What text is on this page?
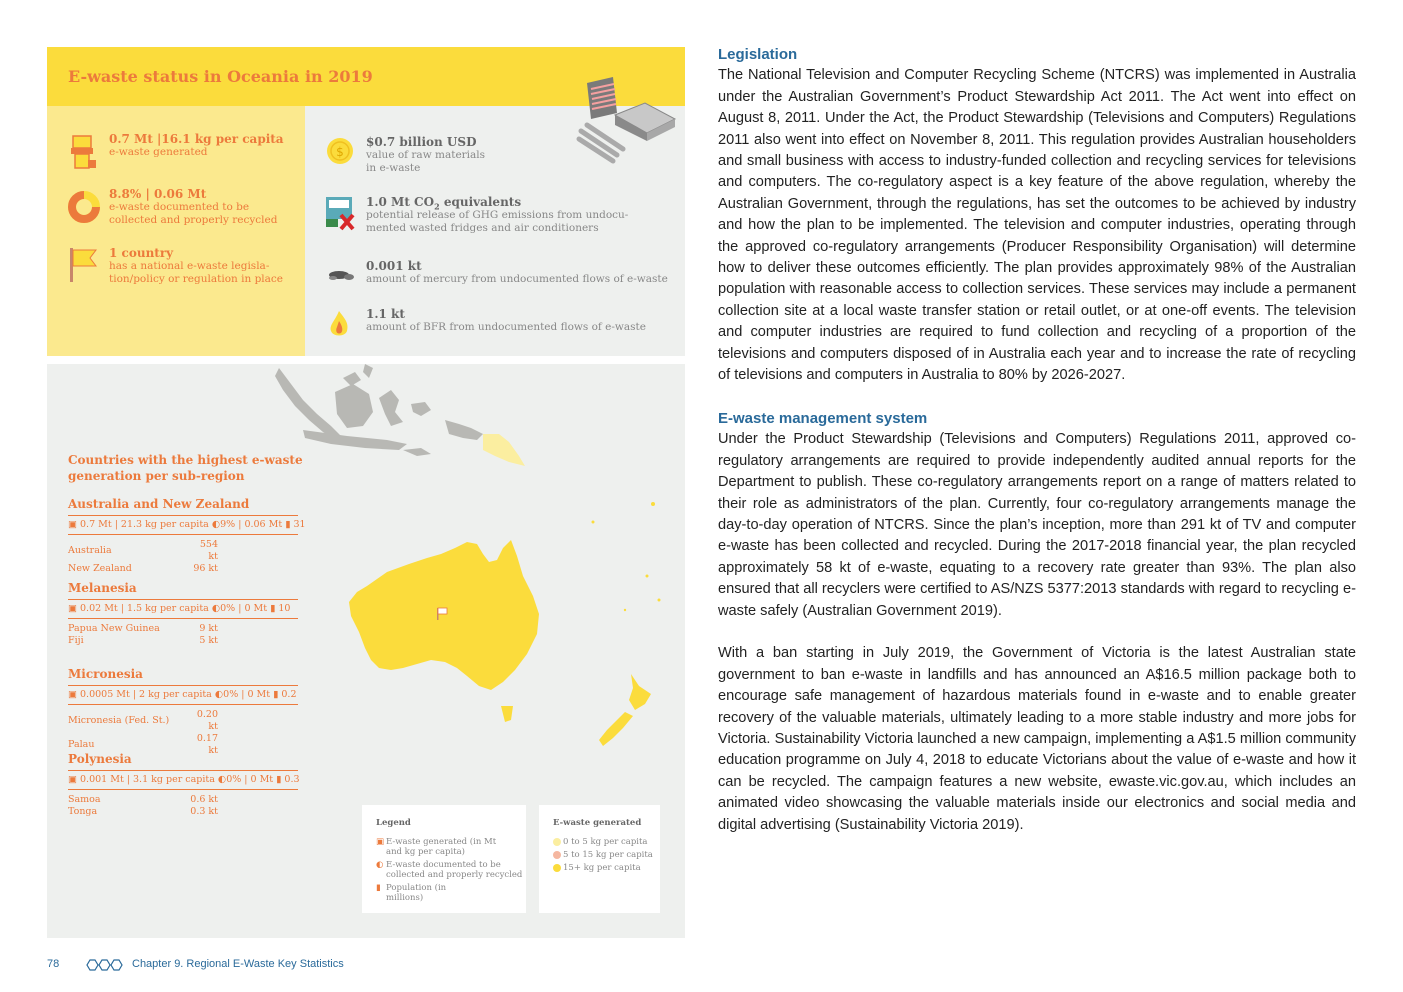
E-waste status in Oceania in 2019
0.7 Mt |16.1 kg per capita
e-waste generated
8.8% | 0.06 Mt
e-waste documented to be collected and properly recycled
1 country
has a national e-waste legisla- tion/policy or regulation in place
$
$0.7 billion USD
value of raw materials in e-waste
1.0 Mt $CO_2$ equivalents
potential release of GHG emissions from undocu- mented wasted fridges and air conditioners
0.001 kt
amount of mercury from undocumented flows of e-waste
1.1 kt
amount of BFR from undocumented flows of e-waste
Countries with the highest e-waste generation per sub-region
Australia and New Zealand
▣ 0.7 Mt | 21.3 kg per capita ◐9% | 0.06 Mt ▮ 31
Australia	554 kt
New Zealand	96 kt
Melanesia
▣ 0.02 Mt | 1.5 kg per capita ◐0% | 0 Mt ▮ 10
Papua New Guinea	9 kt
Fiji	5 kt
Micronesia
▣ 0.0005 Mt | 2 kg per capita ◐0% | 0 Mt ▮ 0.2
Micronesia (Fed. St.)	0.20 kt
Palau	0.17 kt
Polynesia
▣ 0.001 Mt | 3.1 kg per capita ◐0% | 0 Mt ▮ 0.3
Samoa	0.6 kt
Tonga	0.3 kt
Legend
▣ E-waste generated (in Mt and kg per capita)
◐ E-waste documented to be collected and properly recycled
▮ Population (in millions)
E-waste generated
0 to 5 kg per capita
5 to 15 kg per capita
15+ kg per capita
78	Chapter 9. Regional E-Waste Key Statistics
Legislation
The National Television and Computer Recycling Scheme (NTCRS) was implemented in Australia under the Australian Government’s Product Stewardship Act 2011. The Act went into effect on August 8, 2011. Under the Act, the Product Stewardship (Televisions and Computers) Regulations 2011 also went into effect on November 8, 2011. This regulation provides Australian householders and small business with access to industry-funded collection and recycling services for televisions and computers. The co-regulatory aspect is a key feature of the above regulation, whereby the Australian Government, through the regulations, has set the outcomes to be achieved by industry and how the plan to be implemented. The television and computer industries, operating through the approved co-regulatory arrangements (Producer Responsibility Organisation) will determine how to deliver these outcomes efficiently. The plan provides approximately 98% of the Australian population with reasonable access to collection services. These services may include a permanent collection site at a local waste transfer station or retail outlet, or at one-off events. The television and computer industries are required to fund collection and recycling of a proportion of the televisions and computers disposed of in Australia each year and to increase the rate of recycling of televisions and computers in Australia to 80% by 2026-2027.
E-waste management system
Under the Product Stewardship (Televisions and Computers) Regulations 2011, approved co-regulatory arrangements are required to provide independently audited annual reports for the Department to publish. These co-regulatory arrangements report on a range of matters related to their role as administrators of the plan. Currently, four co-regulatory arrangements manage the day-to-day operation of NTCRS. Since the plan’s inception, more than 291 kt of TV and computer e-waste has been collected and recycled. During the 2017-2018 financial year, the plan recycled approximately 58 kt of e-waste, equating to a recovery rate greater than 93%. The plan also ensured that all recyclers were certified to AS/NZS 5377:2013 standards with regard to recycling e-waste safely (Australian Government 2019).
With a ban starting in July 2019, the Government of Victoria is the latest Australian state government to ban e-waste in landfills and has announced an A$16.5 million package both to encourage safe management of hazardous materials found in e-waste and to enable greater recovery of the valuable materials, ultimately leading to a more stable industry and more jobs for Victoria. Sustainability Victoria launched a new campaign, implementing a A$1.5 million community education programme on July 4, 2018 to educate Victorians about the value of e-waste and how it can be recycled. The campaign features a new website, ewaste.vic.gov.au, which includes an animated video showcasing the valuable materials inside our electronics and social media and digital advertising (Sustainability Victoria 2019).
